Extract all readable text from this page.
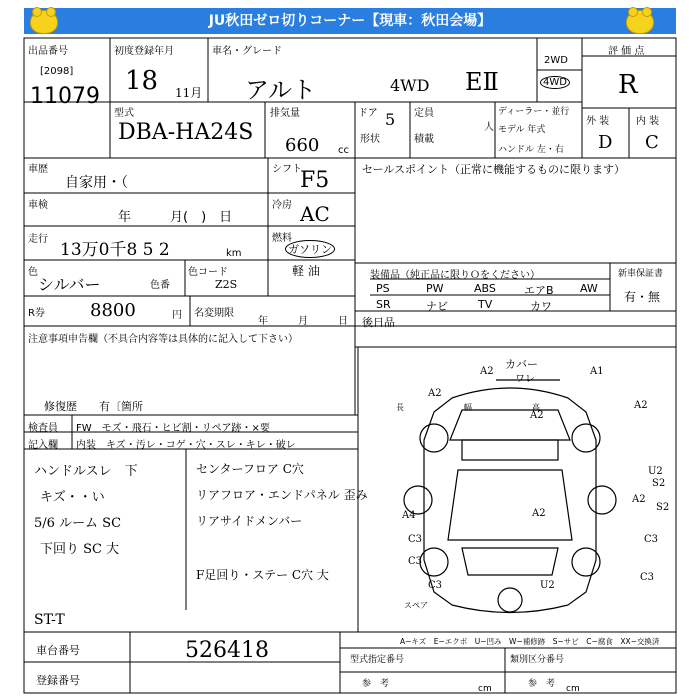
JU秋田ゼロ切りコーナー【現車：秋田会場】
出品番号
[2098]
11079
初度登録年月
18 11月
車名・グレード
アルト	4WD EⅡ
2WD
4WD
評 価 点
R
外 装	内 装
D C
型式
DBA-HA24S
排気量
660 cc
ドア 5
形状
定員
人
積載
ディーラー・並行
モデル 年式
ハンドル 左・右
車歴
自家用・（
車検
年　　　月(　)　日
走行
13万0千8 5 2	km
色
シルバー	色番
色コード
Z2S
シフト
F5
冷房 AC
燃料
ガソリン
軽 油
R券	8800	円 名変期限
年　　　月　　　日
セールスポイント（正常に機能するものに限ります）
装備品（純正品に限りＯをください）	新車保証書
有・無
PS	PW	ABS	エアB AW
SR	ナビ	TV	カワ
後日品
注意事項申告欄（不具合内容等は具体的に記入して下さい）
修復歴　　有〔箇所
検査員
記入欄
FW　モズ・飛石・ヒビ割・リペア跡・×要
内装　キズ・汚レ・コゲ・穴・スレ・キレ・破レ
ハンドルスレ　下
キズ・・い
5/6 ルーム SC
下回り SC 大
センターフロア C穴
リアフロア・エンドパネル 歪み
リアサイドメンバー
F足回り・ステー C穴 大
ST-T
車台番号	526418
登録番号
A2
カバー
ワレ
A1
A2
A2
A2
A2
U2
S2
S2
A2
A4
C3	C3
C3
C3
U2
C3
長	幅	高
スペア
A−キズ　E−エクボ　U−凹み　W−補修跡　S−サビ　C−腐食　XX−交換済
型式指定番号	類別区分番号
参　考	参　考
cm	cm
